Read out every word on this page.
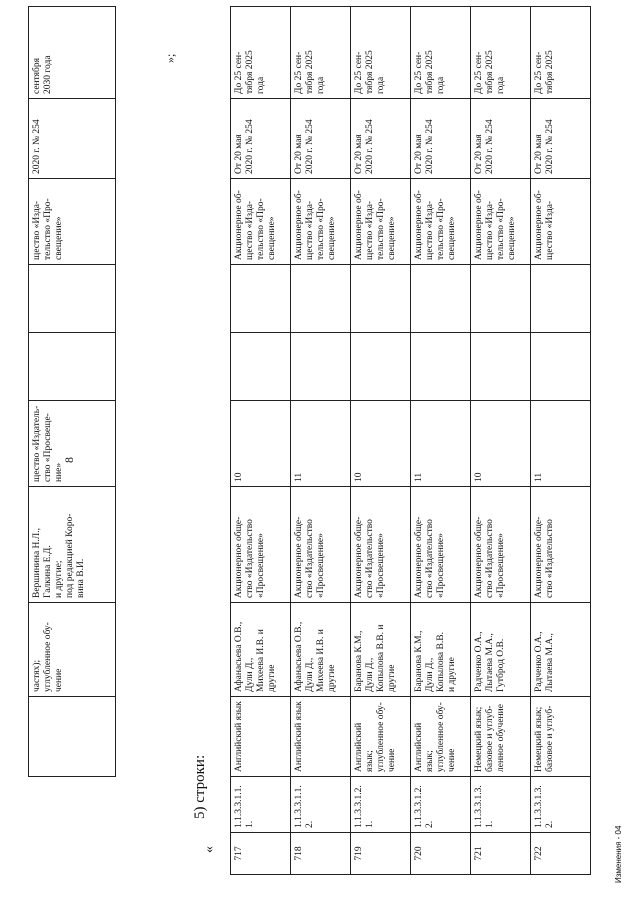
8
	частях);
углубленное обу-
чение	Вершинина Н.Л.,
Галкина Е.Д.
и другие;
под редакцией Коро-
вина В.И.	щество «Издатель-
ство «Просвеще-
ние»			щество «Изда-
тельство «Про-
свещение»	2020 г. № 254	сентября
2030 года	»;
«
5) строки:
717	1.1.3.3.1.1.1.	Английский язык	Афанасьева О.В., Дули Д.,
Михеева И.В. и другие	Акционерное обще-
ство «Издательство
«Просвещение»	10			Акционерное об-
щество «Изда-
тельство «Про-
свещение»	От 20 мая
2020 г. № 254	До 25 сен-
тября 2025
года
718	1.1.3.3.1.1.2.	Английский язык	Афанасьева О.В., Дули Д.,
Михеева И.В. и другие	Акционерное обще-
ство «Издательство
«Просвещение»	11			Акционерное об-
щество «Изда-
тельство «Про-
свещение»	От 20 мая
2020 г. № 254	До 25 сен-
тября 2025
года
719	1.1.3.3.1.2.1.	Английский язык;
углубленное обу-
чение	Баранова К.М.,
Дули Д.,
Копылова В.В. и другие	Акционерное обще-
ство «Издательство
«Просвещение»	10			Акционерное об-
щество «Изда-
тельство «Про-
свещение»	От 20 мая
2020 г. № 254	До 25 сен-
тября 2025
года
720	1.1.3.3.1.2.2.	Английский язык;
углубленное обу-
чение	Баранова К.М.,
Дули Д.,
Копылова В.В.
и другие	Акционерное обще-
ство «Издательство
«Просвещение»	11			Акционерное об-
щество «Изда-
тельство «Про-
свещение»	От 20 мая
2020 г. № 254	До 25 сен-
тября 2025
года
721	1.1.3.3.1.3.1.	Немецкий язык;
базовое и углуб-
ленное обучение	Радченко О.А.,
Лытаева М.А.,
Гутброд О.В.	Акционерное обще-
ство «Издательство
«Просвещение»	10			Акционерное об-
щество «Изда-
тельство «Про-
свещение»	От 20 мая
2020 г. № 254	До 25 сен-
тября 2025
года
722	1.1.3.3.1.3.2.	Немецкий язык;
базовое и углуб-	Радченко О.А.,
Лытаева М.А.,	Акционерное обще-
ство «Издательство	11			Акционерное об-
щество «Изда-	От 20 мая
2020 г. № 254	До 25 сен-
тября 2025
Изменения - 04
